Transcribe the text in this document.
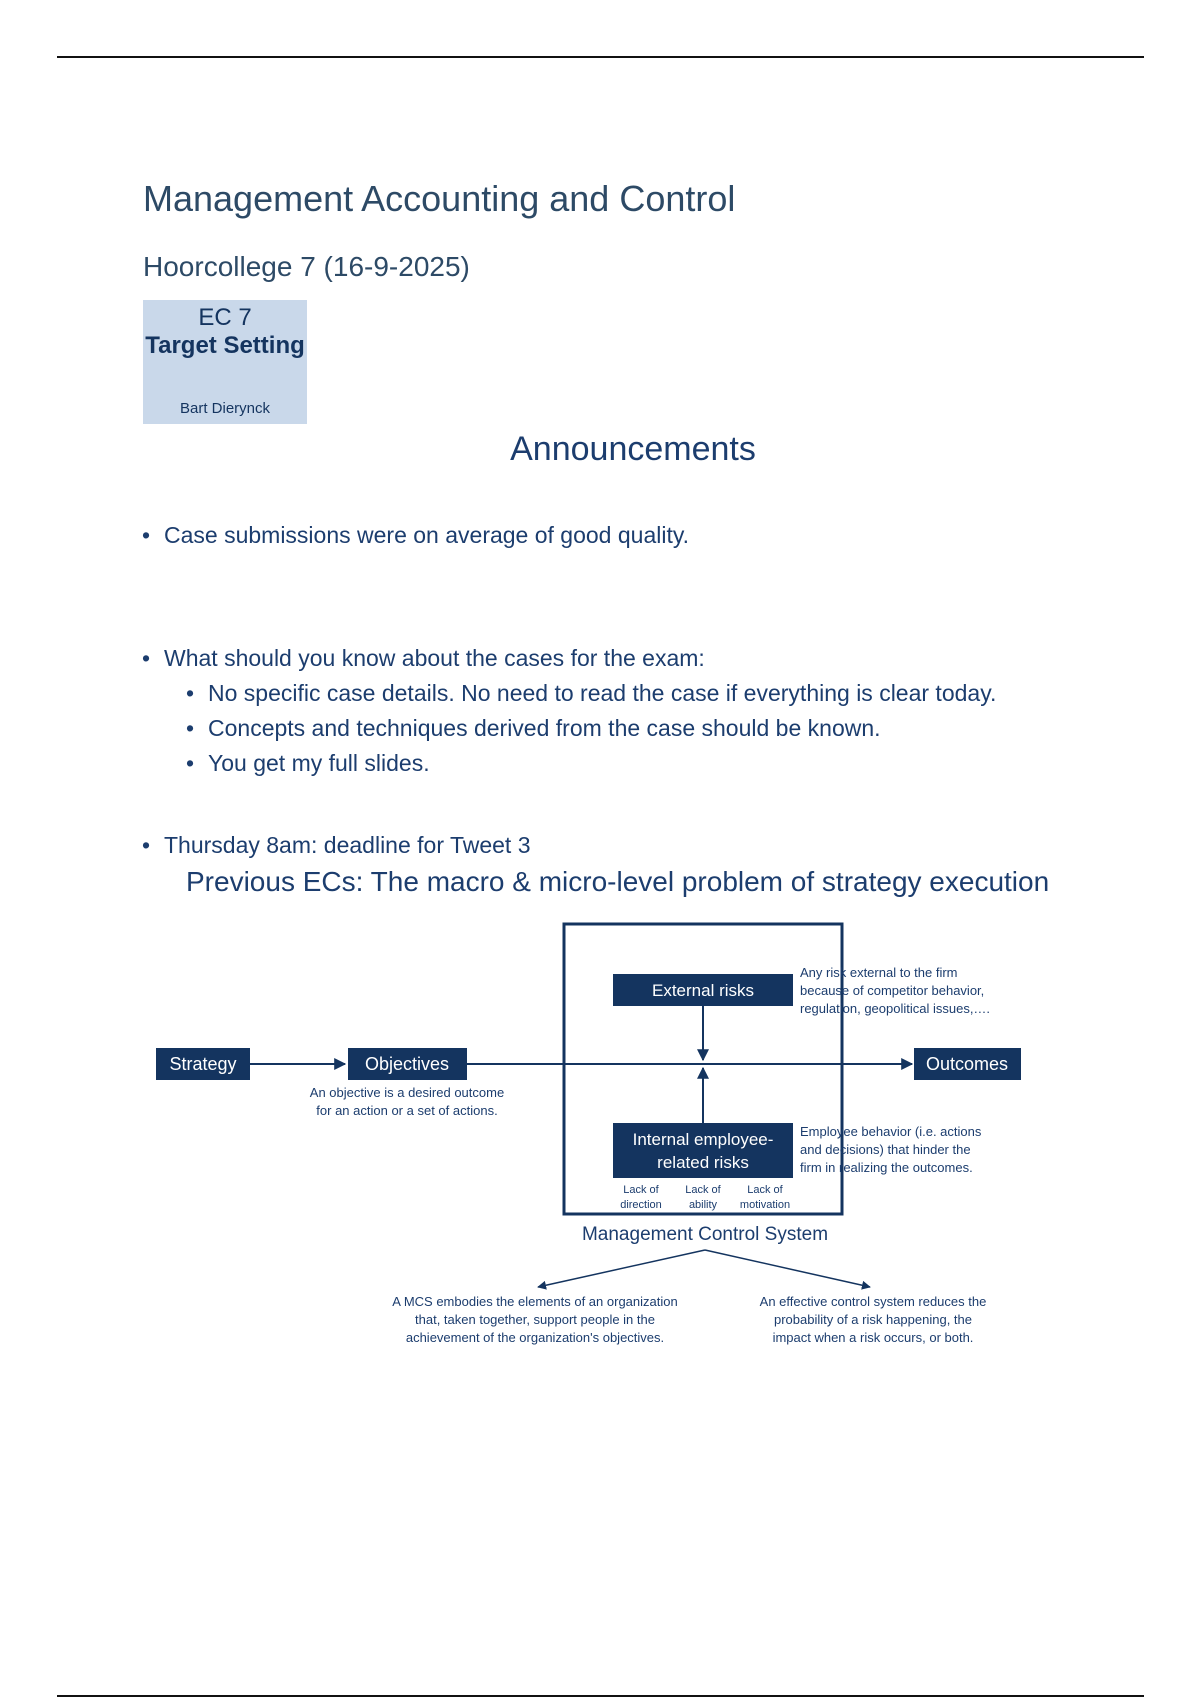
Management Accounting and Control
Hoorcollege 7 (16-9-2025)
EC 7
Target Setting
Bart Dierynck
Announcements
• Case submissions were on average of good quality.
• What should you know about the cases for the exam:
• No specific case details. No need to read the case if everything is clear today.
• Concepts and techniques derived from the case should be known.
• You get my full slides.
• Thursday 8am: deadline for Tweet 3
Previous ECs: The macro & micro-level problem of strategy execution
Strategy	Objectives	Outcomes
External risks
Internal employee-
related risks
An objective is a desired outcome
for an action or a set of actions.
Any risk external to the firm
because of competitor behavior,
regulation, geopolitical issues,….
Employee behavior (i.e. actions
and decisions) that hinder the
firm in realizing the outcomes.
Lack of
direction
Lack of
ability
Lack of
motivation
Management Control System
A MCS embodies the elements of an organization
that, taken together, support people in the
achievement of the organization's objectives.
An effective control system reduces the
probability of a risk happening, the
impact when a risk occurs, or both.
